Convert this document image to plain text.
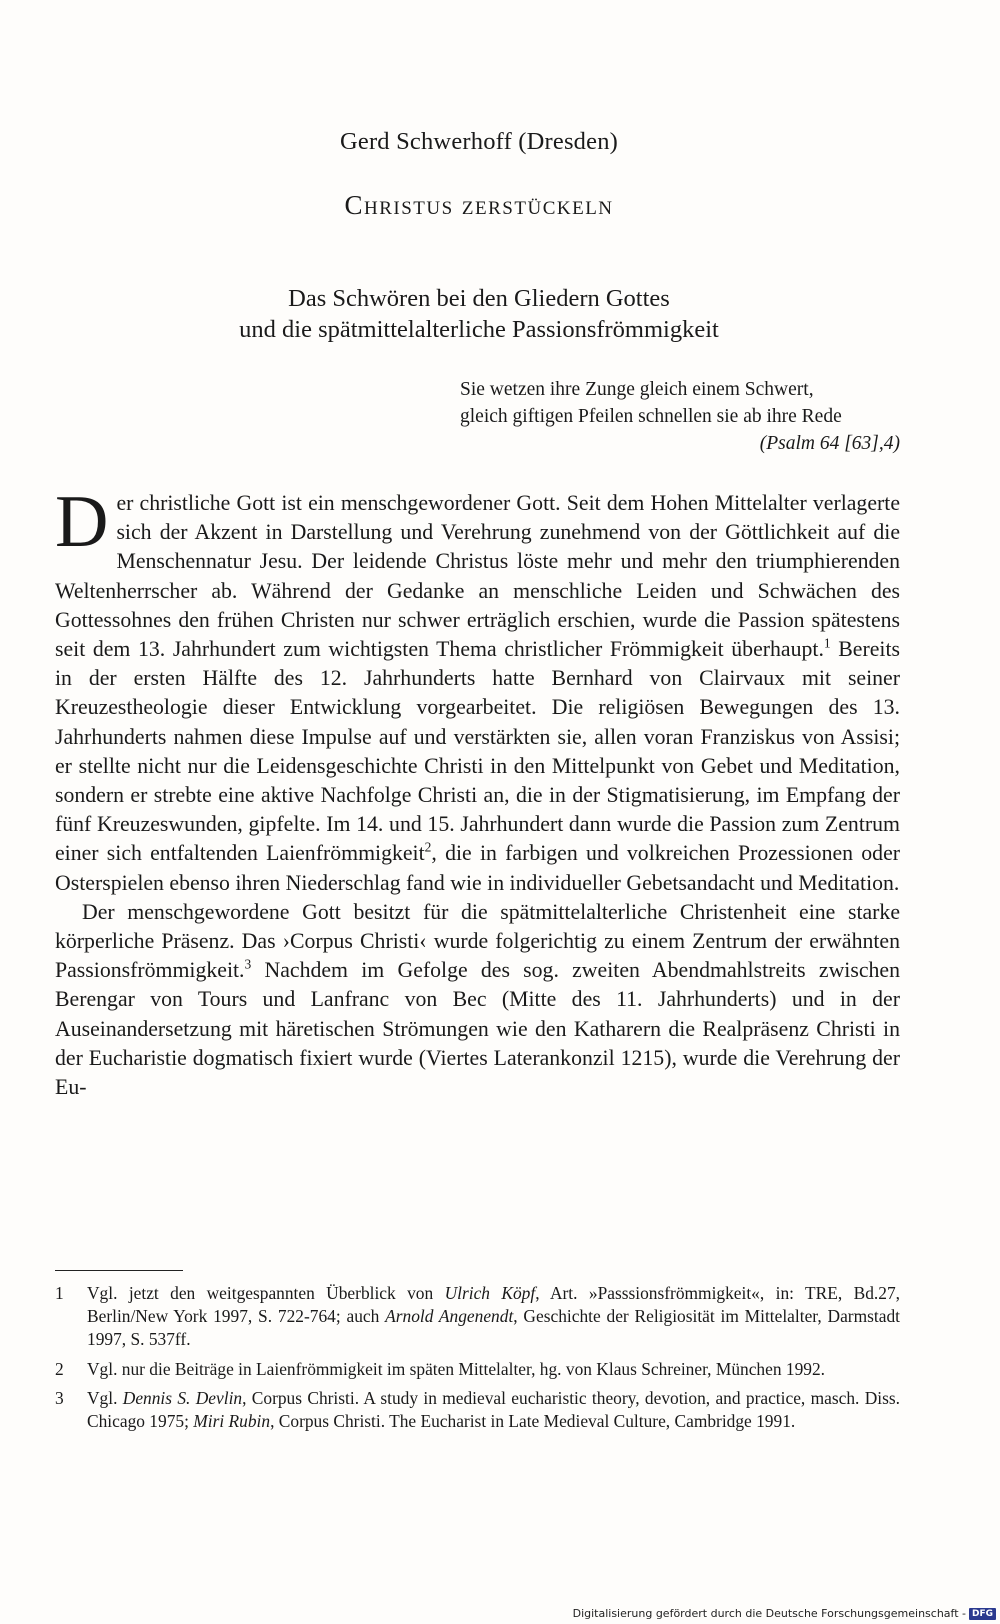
Gerd Schwerhoff (Dresden)
Christus zerstückeln
Das Schwören bei den Gliedern Gottes
und die spätmittelalterliche Passionsfrömmigkeit
Sie wetzen ihre Zunge gleich einem Schwert,
gleich giftigen Pfeilen schnellen sie ab ihre Rede
(Psalm 64 [63],4)

Der christliche Gott ist ein menschgewordener Gott. Seit dem Hohen Mittelalter verlagerte sich der Akzent in Darstellung und Verehrung zunehmend von der Göttlichkeit auf die Menschennatur Jesu. Der leidende Christus löste mehr und mehr den triumphierenden Weltenherrscher ab. Während der Gedanke an menschliche Leiden und Schwächen des Gottessohnes den frühen Christen nur schwer erträglich erschien, wurde die Passion spätestens seit dem 13. Jahrhundert zum wichtigsten Thema christlicher Frömmigkeit überhaupt.$^1$ Bereits in der ersten Hälfte des 12. Jahrhunderts hatte Bernhard von Clairvaux mit seiner Kreuzestheologie dieser Entwicklung vorgearbeitet. Die religiösen Bewegungen des 13. Jahrhunderts nahmen diese Impulse auf und verstärkten sie, allen voran Franziskus von Assisi; er stellte nicht nur die Leidensgeschichte Christi in den Mittelpunkt von Gebet und Meditation, sondern er strebte eine aktive Nachfolge Christi an, die in der Stigmatisierung, im Empfang der fünf Kreuzeswunden, gipfelte. Im 14. und 15. Jahrhundert dann wurde die Passion zum Zentrum einer sich entfaltenden Laienfrömmigkeit$^2$, die in farbigen und volkreichen Prozessionen oder Osterspielen ebenso ihren Niederschlag fand wie in individueller Gebetsandacht und Meditation.

Der menschgewordene Gott besitzt für die spätmittelalterliche Christenheit eine starke körperliche Präsenz. Das ›Corpus Christi‹ wurde folgerichtig zu einem Zentrum der erwähnten Passionsfrömmigkeit.$^3$ Nachdem im Gefolge des sog. zweiten Abendmahlstreits zwischen Berengar von Tours und Lanfranc von Bec (Mitte des 11. Jahrhunderts) und in der Auseinandersetzung mit häretischen Strömungen wie den Katharern die Realpräsenz Christi in der Eucharistie dogmatisch fixiert wurde (Viertes Laterankonzil 1215), wurde die Verehrung der Eu-

1 Vgl. jetzt den weitgespannten Überblick von Ulrich Köpf, Art. »Passsionsfrömmigkeit«, in: TRE, Bd.27, Berlin/New York 1997, S. 722-764; auch Arnold Angenendt, Geschichte der Religiosität im Mittelalter, Darmstadt 1997, S. 537ff.
2 Vgl. nur die Beiträge in Laienfrömmigkeit im späten Mittelalter, hg. von Klaus Schreiner, München 1992.
3 Vgl. Dennis S. Devlin, Corpus Christi. A study in medieval eucharistic theory, devotion, and practice, masch. Diss. Chicago 1975; Miri Rubin, Corpus Christi. The Eucharist in Late Medieval Culture, Cambridge 1991.
Digitalisierung gefördert durch die Deutsche Forschungsgemeinschaft - DFG
